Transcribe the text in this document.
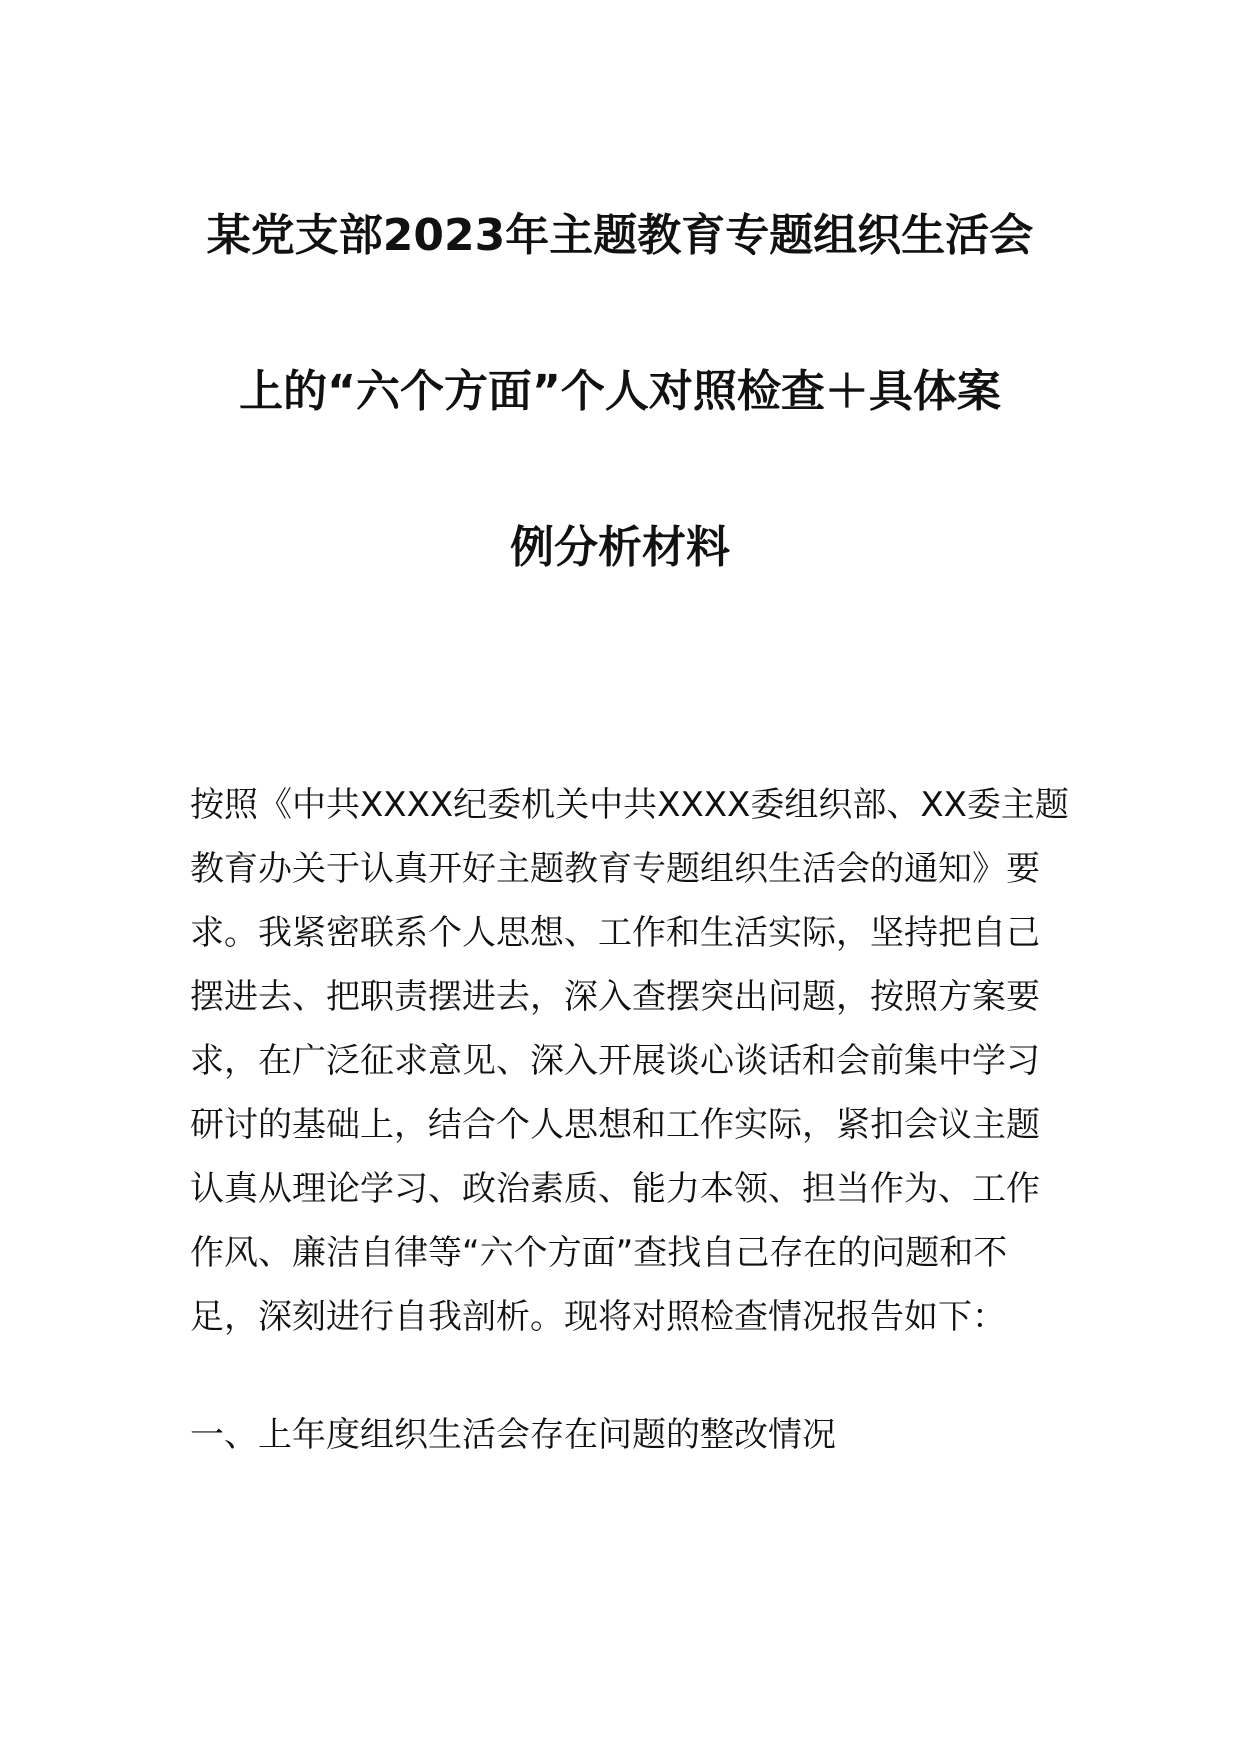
某党支部2023年主题教育专题组织生活会
上的“六个方面”个人对照检查＋具体案
例分析材料
按照《中共XXXX纪委机关中共XXXX委组织部、XX委主题
教育办关于认真开好主题教育专题组织生活会的通知》要
求。我紧密联系个人思想、工作和生活实际，坚持把自己
摆进去、把职责摆进去，深入查摆突出问题，按照方案要
求，在广泛征求意见、深入开展谈心谈话和会前集中学习
研讨的基础上，结合个人思想和工作实际，紧扣会议主题
认真从理论学习、政治素质、能力本领、担当作为、工作
作风、廉洁自律等“六个方面”查找自己存在的问题和不
足，深刻进行自我剖析。现将对照检查情况报告如下：
一、上年度组织生活会存在问题的整改情况
